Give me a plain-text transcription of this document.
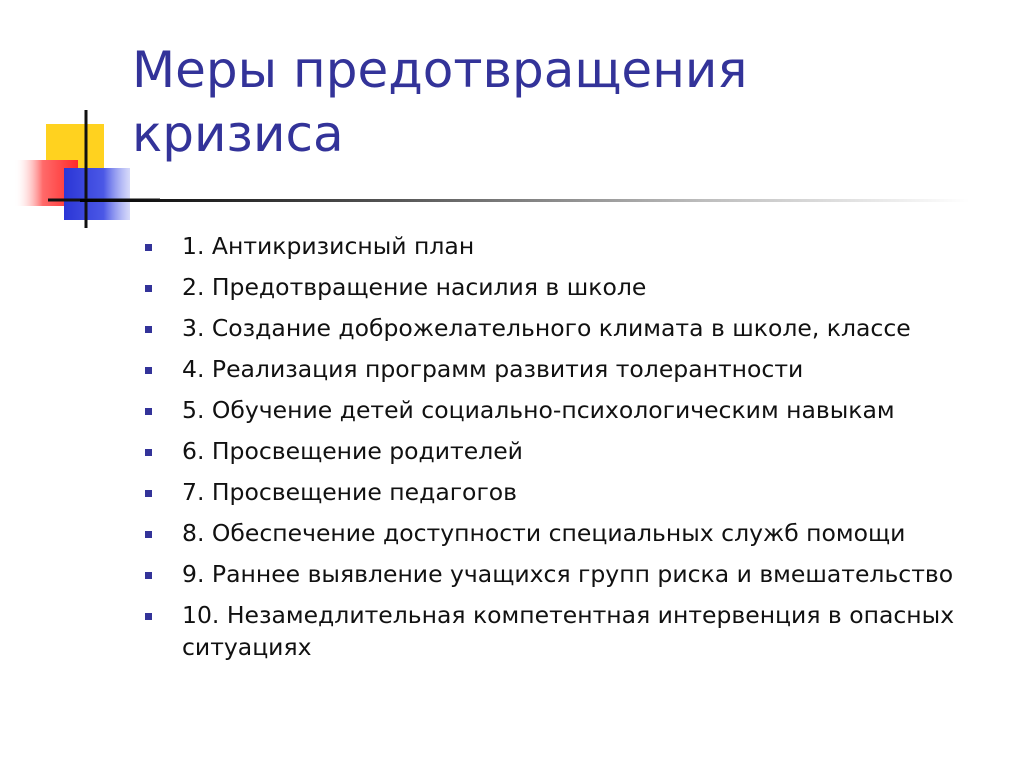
Меры предотвращения
кризиса
1. Антикризисный план
2. Предотвращение насилия в школе
3. Создание доброжелательного климата в школе, классе
4. Реализация программ развития толерантности
5. Обучение детей социально-психологическим навыкам
6. Просвещение родителей
7. Просвещение педагогов
8. Обеспечение доступности специальных служб помощи
9. Раннее выявление учащихся групп риска и вмешательство
10. Незамедлительная компетентная интервенция в опасных ситуациях
